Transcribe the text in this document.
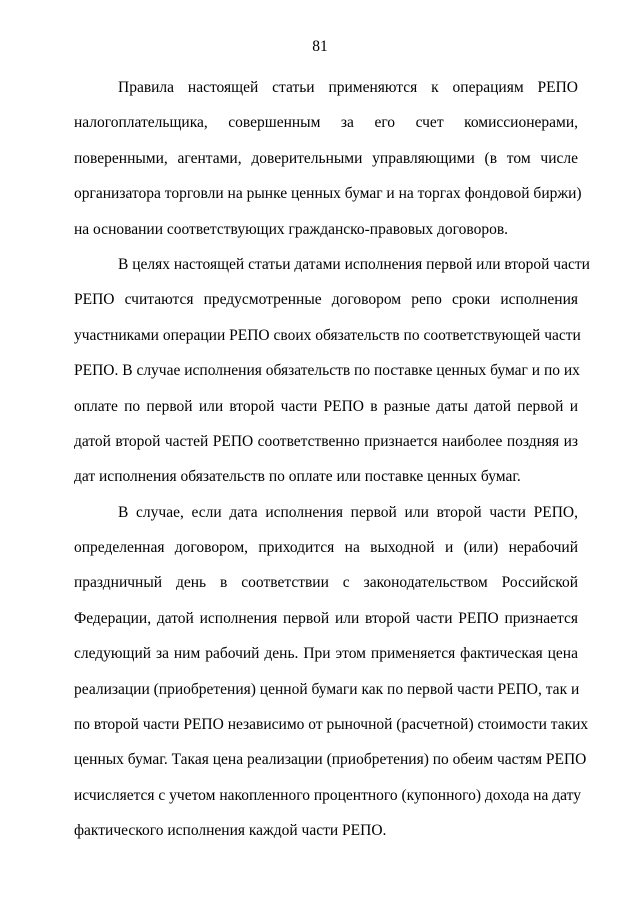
81
Правила настоящей статьи применяются к операциям РЕПО
налогоплательщика, совершенным за его счет комиссионерами,
поверенными, агентами, доверительными управляющими (в том числе
организатора торговли на рынке ценных бумаг и на торгах фондовой биржи)
на основании соответствующих гражданско-правовых договоров.
В целях настоящей статьи датами исполнения первой или второй части
РЕПО считаются предусмотренные договором репо сроки исполнения
участниками операции РЕПО своих обязательств по соответствующей части
РЕПО. В случае исполнения обязательств по поставке ценных бумаг и по их
оплате по первой или второй части РЕПО в разные даты датой первой и
датой второй частей РЕПО соответственно признается наиболее поздняя из
дат исполнения обязательств по оплате или поставке ценных бумаг.
В случае, если дата исполнения первой или второй части РЕПО,
определенная договором, приходится на выходной и (или) нерабочий
праздничный день в соответствии с законодательством Российской
Федерации, датой исполнения первой или второй части РЕПО признается
следующий за ним рабочий день. При этом применяется фактическая цена
реализации (приобретения) ценной бумаги как по первой части РЕПО, так и
по второй части РЕПО независимо от рыночной (расчетной) стоимости таких
ценных бумаг. Такая цена реализации (приобретения) по обеим частям РЕПО
исчисляется с учетом накопленного процентного (купонного) дохода на дату
фактического исполнения каждой части РЕПО.
